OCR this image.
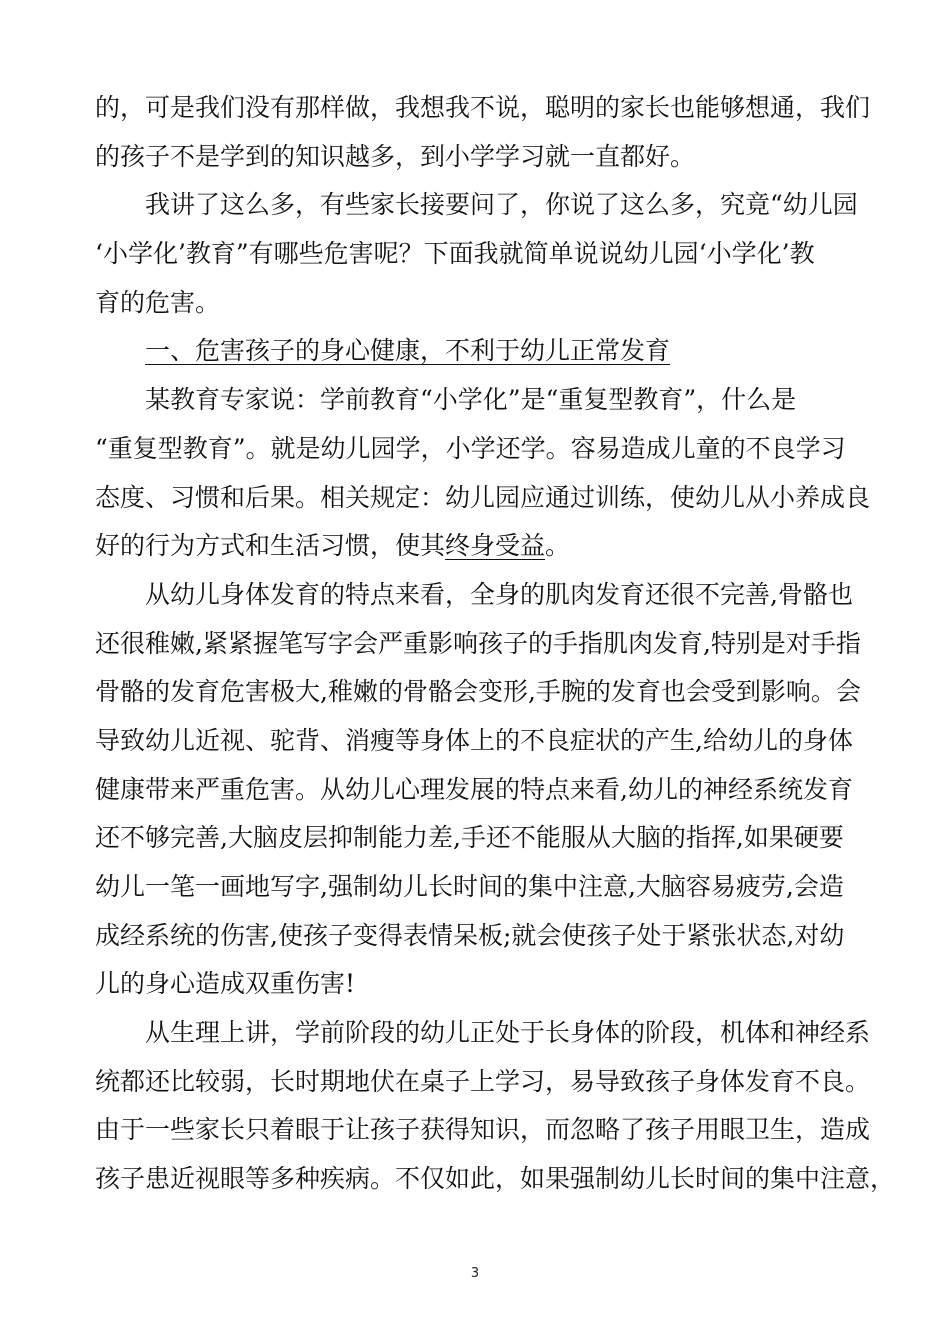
的，可是我们没有那样做，我想我不说，聪明的家长也能够想通，我们
的孩子不是学到的知识越多，到小学学习就一直都好。
我讲了这么多，有些家长接要问了，你说了这么多，究竟“幼儿园
‘小学化’教育”有哪些危害呢？下面我就简单说说幼儿园‘小学化’教
育的危害。
一、危害孩子的身心健康，不利于幼儿正常发育
某教育专家说：学前教育“小学化”是“重复型教育”，什么是
“重复型教育”。就是幼儿园学，小学还学。容易造成儿童的不良学习
态度、习惯和后果。相关规定：幼儿园应通过训练，使幼儿从小养成良
好的行为方式和生活习惯，使其终身受益。
从幼儿身体发育的特点来看，全身的肌肉发育还很不完善,骨骼也
还很稚嫩,紧紧握笔写字会严重影响孩子的手指肌肉发育,特别是对手指
骨骼的发育危害极大,稚嫩的骨骼会变形,手腕的发育也会受到影响。会
导致幼儿近视、驼背、消瘦等身体上的不良症状的产生,给幼儿的身体
健康带来严重危害。从幼儿心理发展的特点来看,幼儿的神经系统发育
还不够完善,大脑皮层抑制能力差,手还不能服从大脑的指挥,如果硬要
幼儿一笔一画地写字,强制幼儿长时间的集中注意,大脑容易疲劳,会造
成经系统的伤害,使孩子变得表情呆板;就会使孩子处于紧张状态,对幼
儿的身心造成双重伤害!
从生理上讲，学前阶段的幼儿正处于长身体的阶段，机体和神经系
统都还比较弱，长时期地伏在桌子上学习，易导致孩子身体发育不良。
由于一些家长只着眼于让孩子获得知识，而忽略了孩子用眼卫生，造成
孩子患近视眼等多种疾病。不仅如此，如果强制幼儿长时间的集中注意，
3
